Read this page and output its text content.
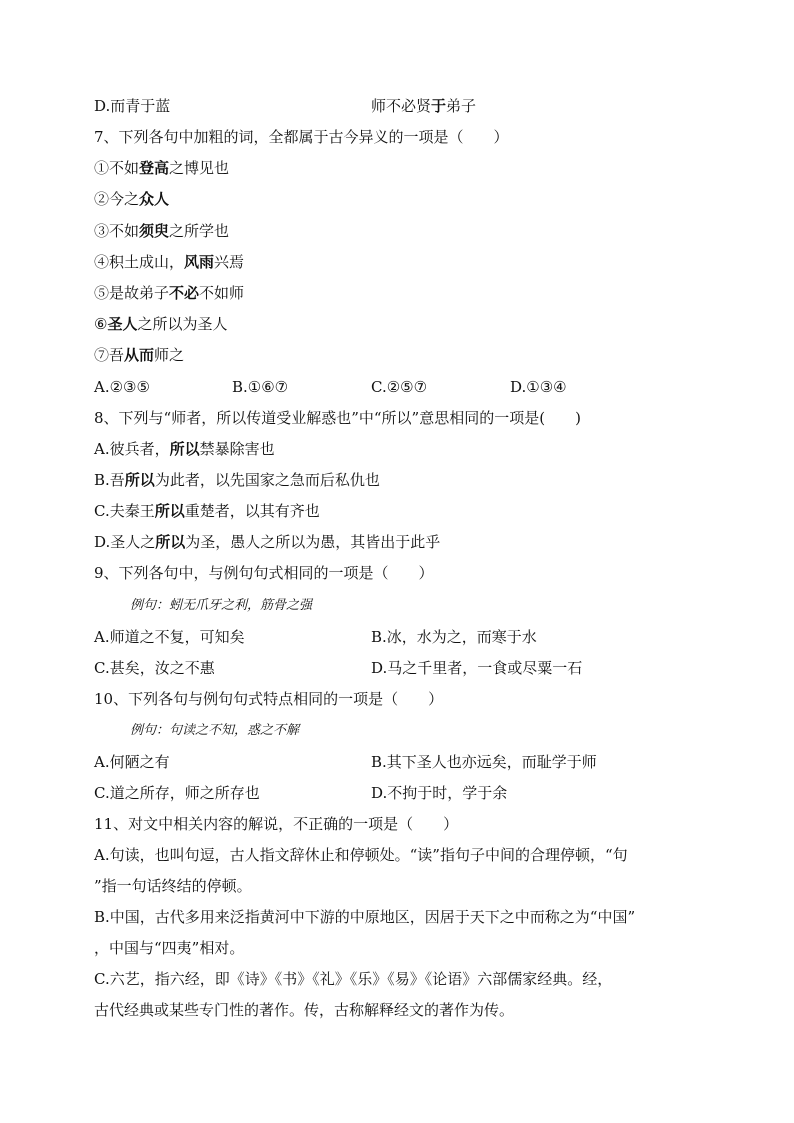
D.而青于蓝	师不必贤于弟子
7、下列各句中加粗的词，全都属于古今异义的一项是（　　）
①不如登高之博见也
②今之众人
③不如须臾之所学也
④积土成山，风雨兴焉
⑤是故弟子不必不如师
⑥圣人之所以为圣人
⑦吾从而师之
A.②③⑤	B.①⑥⑦	C.②⑤⑦	D.①③④
8、下列与“师者，所以传道受业解惑也”中“所以”意思相同的一项是(　　)
A.彼兵者，所以禁暴除害也
B.吾所以为此者，以先国家之急而后私仇也
C.夫秦王所以重楚者，以其有齐也
D.圣人之所以为圣，愚人之所以为愚，其皆出于此乎
9、下列各句中，与例句句式相同的一项是（　　）
例句：蚓无爪牙之利，筋骨之强
A.师道之不复，可知矣	B.冰，水为之，而寒于水
C.甚矣，汝之不惠	D.马之千里者，一食或尽粟一石
10、下列各句与例句句式特点相同的一项是（　　）
例句：句读之不知，惑之不解
A.何陋之有	B.其下圣人也亦远矣，而耻学于师
C.道之所存，师之所存也	D.不拘于时，学于余
11、对文中相关内容的解说，不正确的一项是（　　）
A.句读，也叫句逗，古人指文辞休止和停顿处。“读”指句子中间的合理停顿，“句
”指一句话终结的停顿。
B.中国，古代多用来泛指黄河中下游的中原地区，因居于天下之中而称之为“中国”
，中国与“四夷”相对。
C.六艺，指六经，即《诗》《书》《礼》《乐》《易》《论语》六部儒家经典。经，
古代经典或某些专门性的著作。传，古称解释经文的著作为传。
